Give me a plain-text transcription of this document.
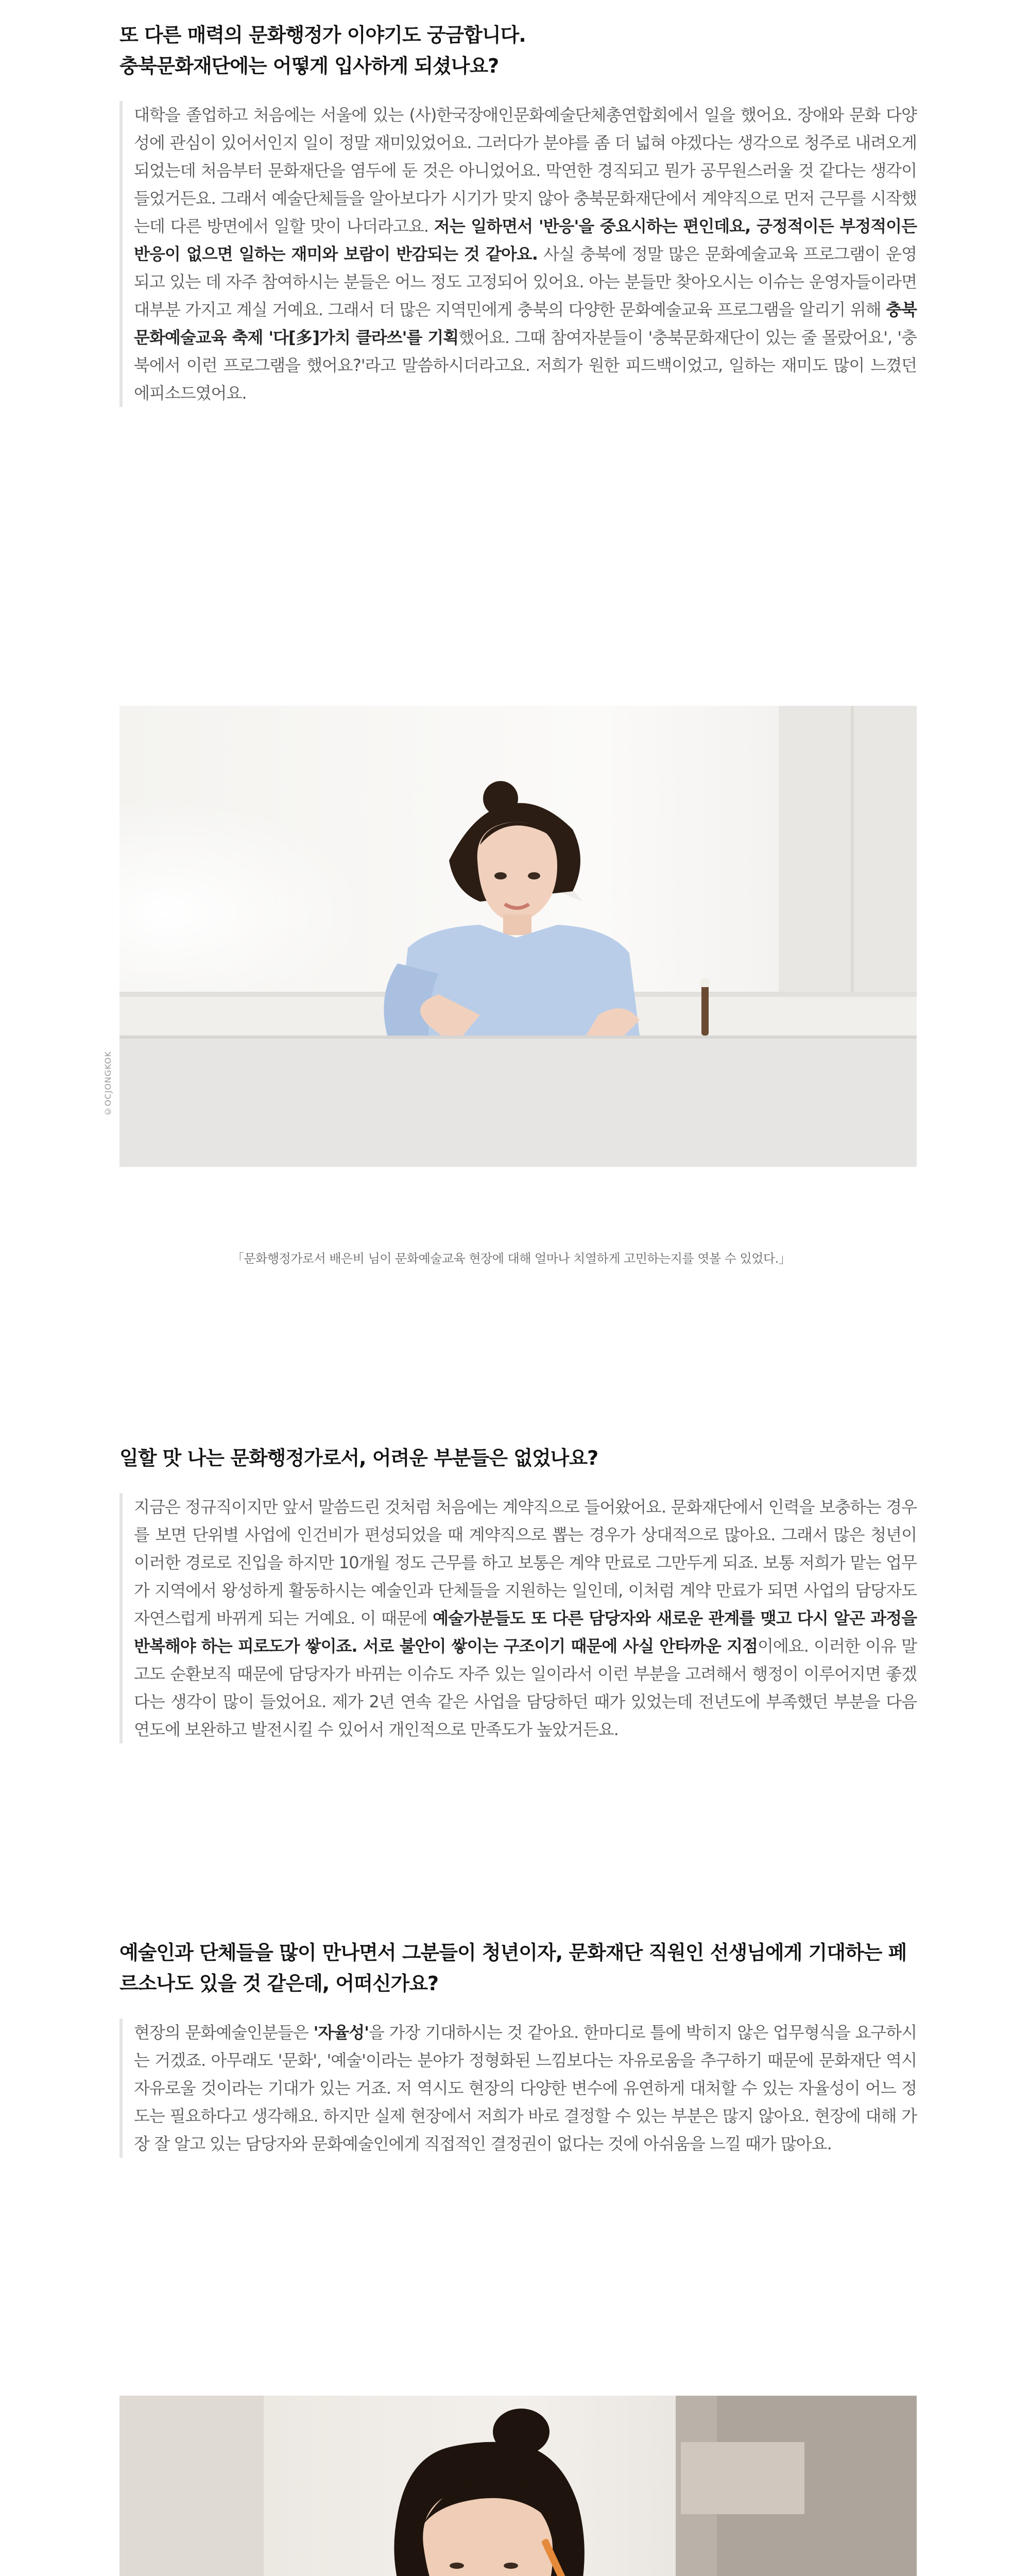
또 다른 매력의 문화행정가 이야기도 궁금합니다.
충북문화재단에는 어떻게 입사하게 되셨나요?
대학을 졸업하고 처음에는 서울에 있는 (사)한국장애인문화예술단체총연합회에서 일을 했어요. 장애와 문화 다양성에 관심이 있어서인지 일이 정말 재미있었어요. 그러다가 분야를 좀 더 넓혀 야겠다는 생각으로 청주로 내려오게 되었는데 처음부터 문화재단을 염두에 둔 것은 아니었어요. 막연한 경직되고 뭔가 공무원스러울 것 같다는 생각이 들었거든요. 그래서 예술단체들을 알아보다가 시기가 맞지 않아 충북문화재단에서 계약직으로 먼저 근무를 시작했는데 다른 방면에서 일할 맛이 나더라고요. 저는 일하면서 '반응'을 중요시하는 편인데요, 긍정적이든 부정적이든 반응이 없으면 일하는 재미와 보람이 반감되는 것 같아요. 사실 충북에 정말 많은 문화예술교육 프로그램이 운영되고 있는 데 자주 참여하시는 분들은 어느 정도 고정되어 있어요. 아는 분들만 찾아오시는 이슈는 운영자들이라면 대부분 가지고 계실 거예요. 그래서 더 많은 지역민에게 충북의 다양한 문화예술교육 프로그램을 알리기 위해 충북문화예술교육 축제 '다[多]가치 클라쓰'를 기획했어요. 그때 참여자분들이 '충북문화재단이 있는 줄 몰랐어요', '충북에서 이런 프로그램을 했어요?'라고 말씀하시더라고요. 저희가 원한 피드백이었고, 일하는 재미도 많이 느꼈던 에피소드였어요.
©OCJONGKOK
「문화행정가로서 배은비 님이 문화예술교육 현장에 대해 얼마나 치열하게 고민하는지를 엿볼 수 있었다.」
일할 맛 나는 문화행정가로서, 어려운 부분들은 없었나요?
지금은 정규직이지만 앞서 말씀드린 것처럼 처음에는 계약직으로 들어왔어요. 문화재단에서 인력을 보충하는 경우를 보면 단위별 사업에 인건비가 편성되었을 때 계약직으로 뽑는 경우가 상대적으로 많아요. 그래서 많은 청년이 이러한 경로로 진입을 하지만 10개월 정도 근무를 하고 보통은 계약 만료로 그만두게 되죠. 보통 저희가 맡는 업무가 지역에서 왕성하게 활동하시는 예술인과 단체들을 지원하는 일인데, 이처럼 계약 만료가 되면 사업의 담당자도 자연스럽게 바뀌게 되는 거예요. 이 때문에 예술가분들도 또 다른 담당자와 새로운 관계를 맺고 다시 알곤 과정을 반복해야 하는 피로도가 쌓이죠. 서로 불안이 쌓이는 구조이기 때문에 사실 안타까운 지점이에요. 이러한 이유 말고도 순환보직 때문에 담당자가 바뀌는 이슈도 자주 있는 일이라서 이런 부분을 고려해서 행정이 이루어지면 좋겠다는 생각이 많이 들었어요. 제가 2년 연속 같은 사업을 담당하던 때가 있었는데 전년도에 부족했던 부분을 다음 연도에 보완하고 발전시킬 수 있어서 개인적으로 만족도가 높았거든요.
예술인과 단체들을 많이 만나면서 그분들이 청년이자, 문화재단 직원인 선생님에게 기대하는 페르소나도 있을 것 같은데, 어떠신가요?
현장의 문화예술인분들은 '자율성'을 가장 기대하시는 것 같아요. 한마디로 틀에 박히지 않은 업무형식을 요구하시는 거겠죠. 아무래도 '문화', '예술'이라는 분야가 정형화된 느낌보다는 자유로움을 추구하기 때문에 문화재단 역시 자유로울 것이라는 기대가 있는 거죠. 저 역시도 현장의 다양한 변수에 유연하게 대처할 수 있는 자율성이 어느 정도는 필요하다고 생각해요. 하지만 실제 현장에서 저희가 바로 결정할 수 있는 부분은 많지 않아요. 현장에 대해 가장 잘 알고 있는 담당자와 문화예술인에게 직접적인 결정권이 없다는 것에 아쉬움을 느낄 때가 많아요.
